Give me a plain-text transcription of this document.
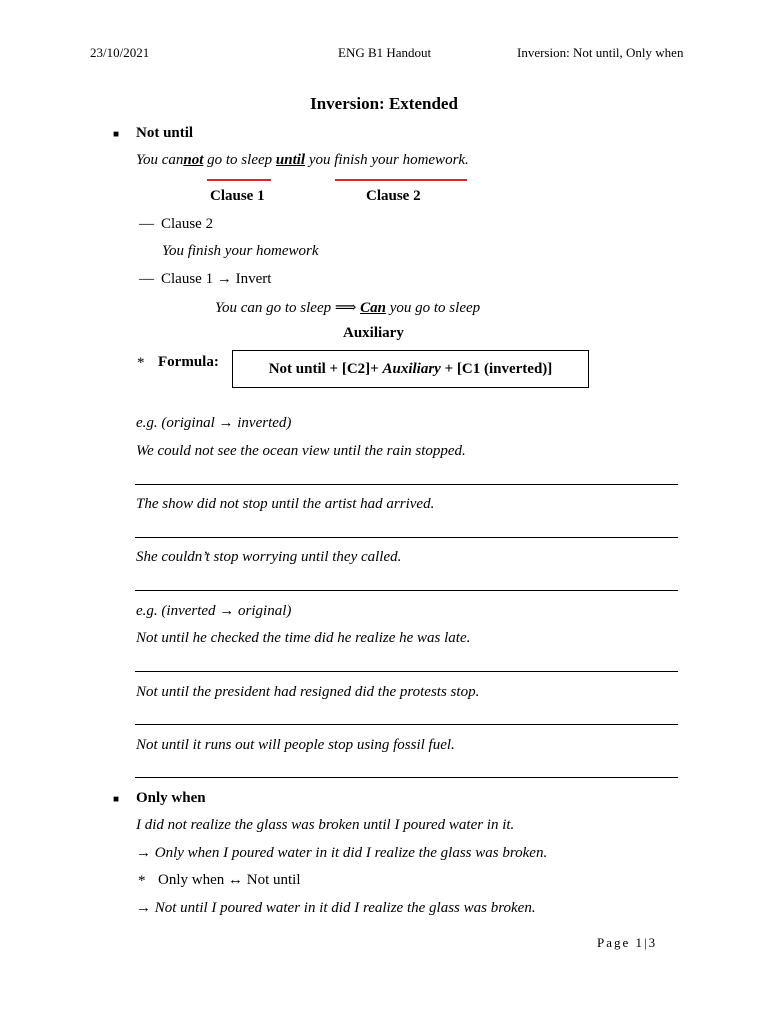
23/10/2021	ENG B1 Handout	Inversion: Not until, Only when
Inversion: Extended
■ Not until
You cannot go to sleep until you finish your homework.
Clause 1	Clause 2
— Clause 2
You finish your homework
— Clause 1 → Invert
You can go to sleep ⟹ Can you go to sleep
Auxiliary
* Formula:	Not until + [C2]+
Auxiliary
+ [C1 (inverted)]
e.g. (original → inverted)
We could not see the ocean view until the rain stopped.
The show did not stop until the artist had arrived.
She couldn’t stop worrying until they called.
e.g. (inverted → original)
Not until he checked the time did he realize he was late.
Not until the president had resigned did the protests stop.
Not until it runs out will people stop using fossil fuel.
■ Only when
I did not realize the glass was broken until I poured water in it.
→ Only when I poured water in it did I realize the glass was broken.
* Only when ↔ Not until
→ Not until I poured water in it did I realize the glass was broken.
Page 1|3
